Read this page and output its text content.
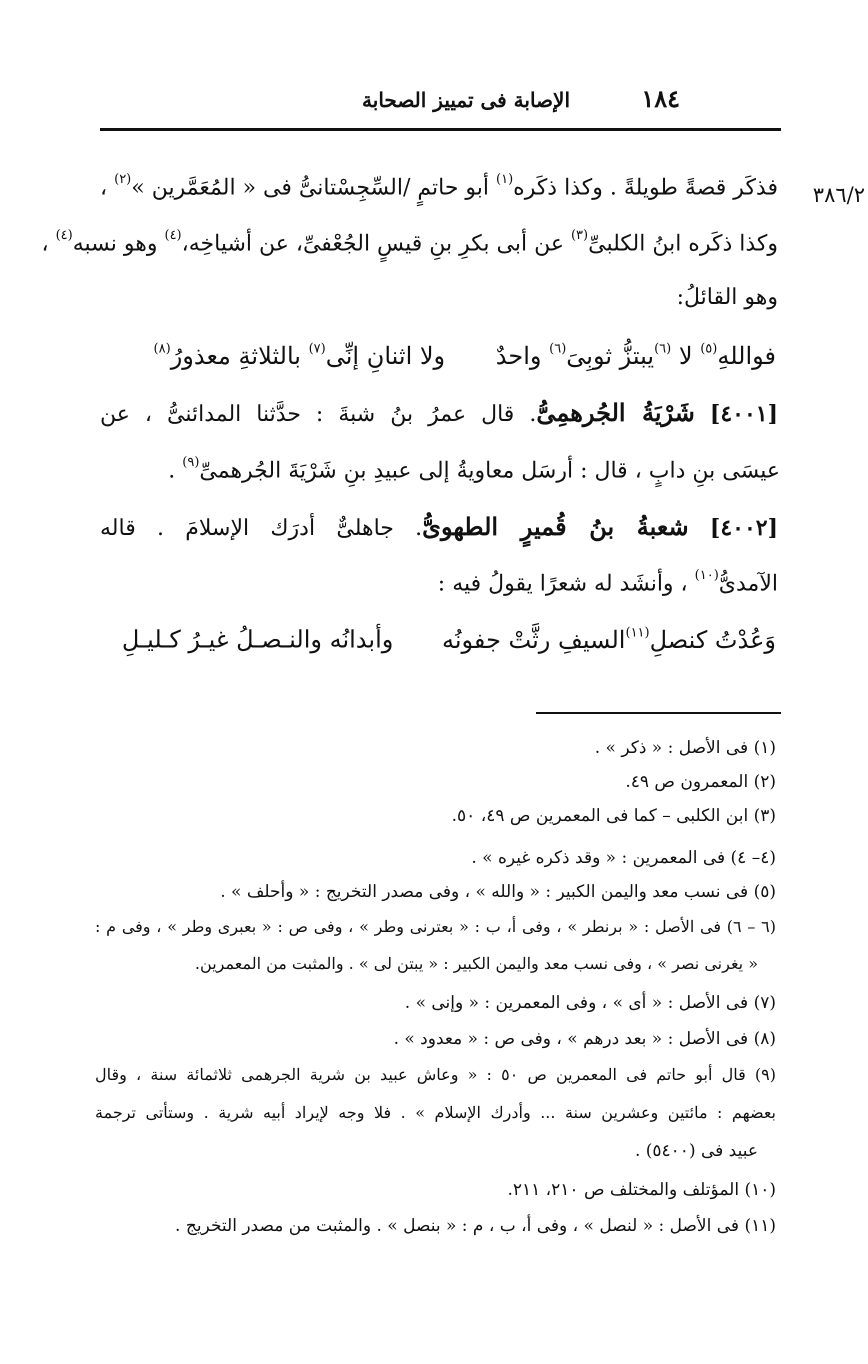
الإصابة فى تمييز الصحابة	١٨٤
٣٨٦/٢
فذكَر قصةً طويلةً . وكذا ذكَره$^{(١)}$ أبو حاتمٍ /السِّجِسْتانىُّ فى « المُعَمَّرين »$^{(٢)}$ ،
وكذا ذكَره ابنُ الكلبىِّ$^{(٣)}$ عن أبى بكرِ بنِ قيسٍ الجُعْفىِّ، عن أشياخِه،$^{(٤)}$ وهو نسبه$^{(٤)}$ ،
وهو القائلُ:
فواللهِ$^{(٥)}$ لا $^{(٦)}$يبتزُّ ثوبِىَ$^{(٦)}$ واحدٌ  ولا اثنانِ إنِّى$^{(٧)}$ بالثلاثةِ معذورُ$^{(٨)}$
[٤٠٠١] شَرْيَةُ الجُرهمِىُّ. قال عمرُ بنُ شبةَ : حدَّثنا المدائنىُّ ، عن
عيسَى بنِ دابٍ ، قال : أرسَل معاويةُ إلى عبيدِ بنِ شَرْيَةَ الجُرهمىِّ$^{(٩)}$ .
[٤٠٠٢] شعبةُ بنُ قُميرٍ الطهوىُّ. جاهلىٌّ أدرَك الإسلامَ . قاله
الآمدىُّ$^{(١٠)}$ ، وأنشَد له شعرًا يقولُ فيه :
وَعُدْتُ كنصلِ$^{(١١)}$السيفِ رثَّتْ جفونُه  وأبدانُه والنـصـلُ غيـرُ كـليـلِ
(١) فى الأصل : « ذكر » .
(٢) المعمرون ص ٤٩.
(٣) ابن الكلبى – كما فى المعمرين ص ٤٩، ٥٠.
(٤– ٤) فى المعمرين : « وقد ذكره غيره » .
(٥) فى نسب معد واليمن الكبير : « والله » ، وفى مصدر التخريج : « وأحلف » .
(٦ – ٦) فى الأصل : « برنطر » ، وفى أ، ب : « بعترنى وطر » ، وفى ص : « بعبرى وطر » ، وفى م :
« يغرنى نصر » ، وفى نسب معد واليمن الكبير : « يبتن لى » . والمثبت من المعمرين.
(٧) فى الأصل : « أى » ، وفى المعمرين : « وإنى » .
(٨) فى الأصل : « بعد درهم » ، وفى ص : « معدود » .
(٩) قال أبو حاتم فى المعمرين ص ٥٠ : « وعاش عبيد بن شرية الجرهمى ثلاثمائة سنة ، وقال
بعضهم : مائتين وعشرين سنة ... وأدرك الإسلام » . فلا وجه لإيراد أبيه شرية . وستأتى ترجمة
عبيد فى (٥٤٠٠) .
(١٠) المؤتلف والمختلف ص ٢١٠، ٢١١.
(١١) فى الأصل : « لنصل » ، وفى أ، ب ، م : « بنصل » . والمثبت من مصدر التخريج .
